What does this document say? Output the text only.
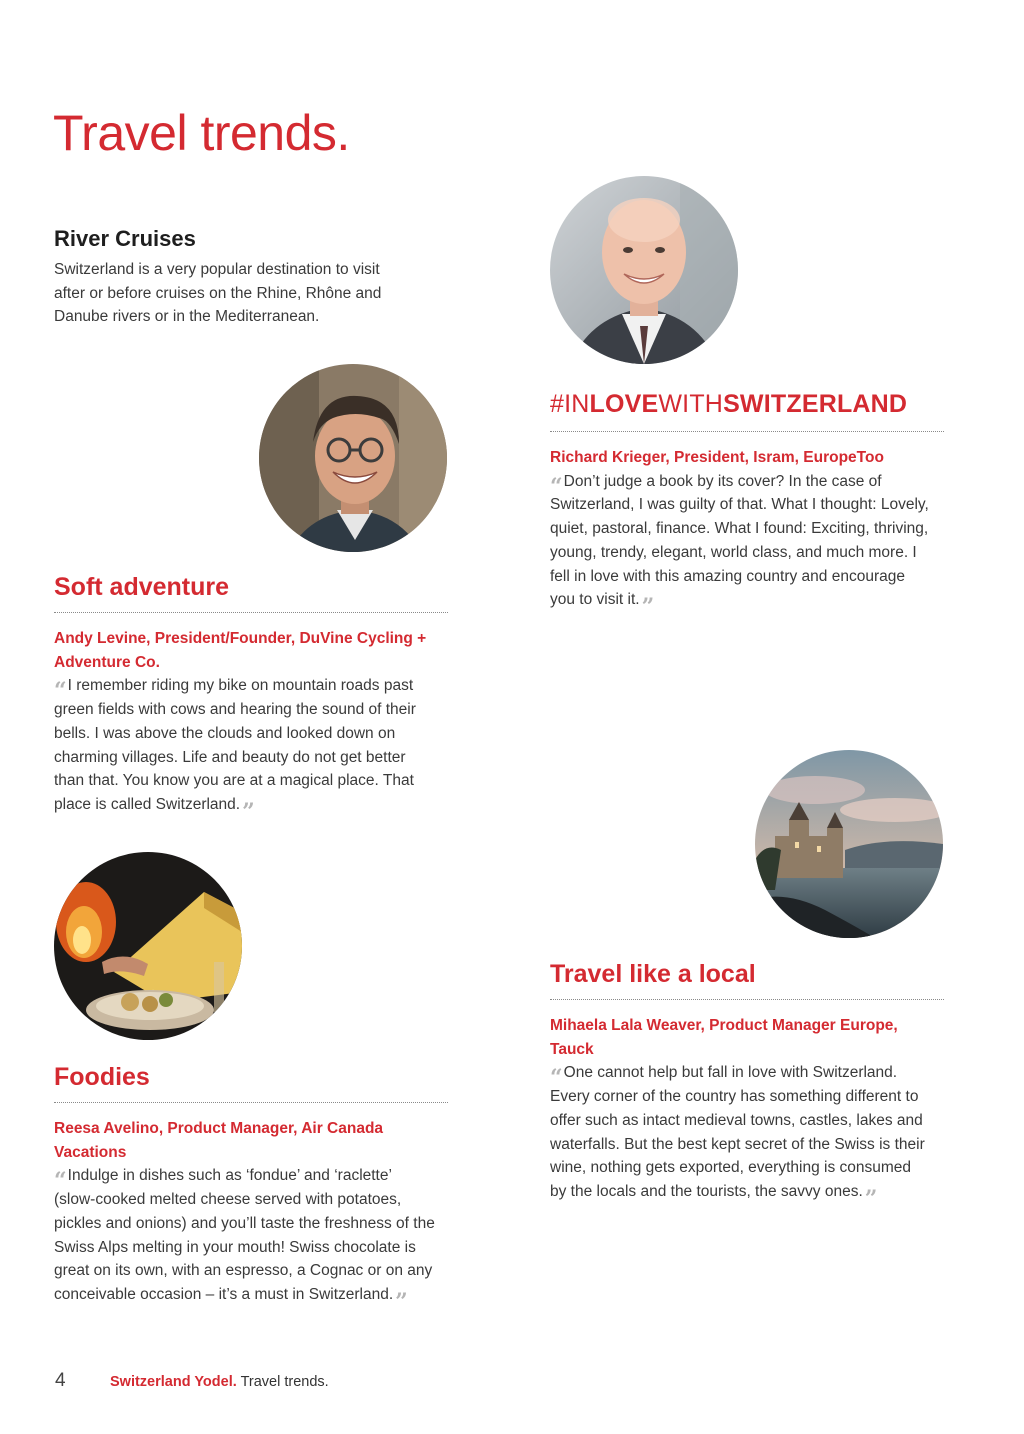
Travel trends.
River Cruises

Switzerland is a very popular destination to visit
after or before cruises on the Rhine, Rhône and
Danube rivers or in the Mediterranean.

#INLOVEWITHSWITZERLAND

Richard Krieger, President, Isram, EuropeToo

“ Don’t judge a book by its cover? In the case of
Switzerland, I was guilty of that. What I thought: Lovely,
quiet, pastoral, finance. What I found: Exciting, thriving,
young, trendy, elegant, world class, and much more. I
fell in love with this amazing country and encourage
you to visit it.”

Soft adventure

Andy Levine, President/Founder, DuVine Cycling +
Adventure Co.

“ I remember riding my bike on mountain roads past
green fields with cows and hearing the sound of their
bells. I was above the clouds and looked down on
charming villages. Life and beauty do not get better
than that. You know you are at a magical place. That
place is called Switzerland.”

Travel like a local

Mihaela Lala Weaver, Product Manager Europe,
Tauck

“ One cannot help but fall in love with Switzerland.
Every corner of the country has something different to
offer such as intact medieval towns, castles, lakes and
waterfalls. But the best kept secret of the Swiss is their
wine, nothing gets exported, everything is consumed
by the locals and the tourists, the savvy ones.”

Foodies

Reesa Avelino, Product Manager, Air Canada
Vacations

“ Indulge in dishes such as ‘fondue’ and ‘raclette’
(slow-cooked melted cheese served with potatoes,
pickles and onions) and you’ll taste the freshness of the
Swiss Alps melting in your mouth! Swiss chocolate is
great on its own, with an espresso, a Cognac or on any
conceivable occasion – it’s a must in Switzerland.”

4	Switzerland Yodel. Travel trends.
